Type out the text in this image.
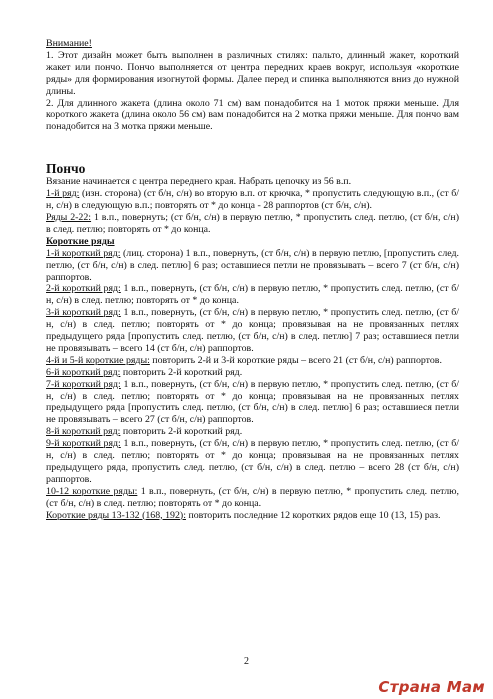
Внимание!

1. Этот дизайн может быть выполнен в различных стилях: пальто, длинный жакет, короткий жакет или пончо. Пончо выполняется от центра передних краев вокруг, используя «короткие ряды» для формирования изогнутой формы. Далее перед и спинка выполняются вниз до нужной длины.

2. Для длинного жакета (длина около 71 см) вам понадобится на 1 моток пряжи меньше. Для короткого жакета (длина около 56 см) вам понадобится на 2 мотка пряжи меньше. Для пончо вам понадобится на 3 мотка пряжи меньше.

Пончо

Вязание начинается с центра переднего края. Набрать цепочку из 56 в.п.

1-й ряд: (изн. сторона) (ст б/н, с/н) во вторую в.п. от крючка, * пропустить следующую в.п., (ст б/н, с/н) в следующую в.п.; повторять от * до конца - 28 раппортов (ст б/н, с/н).

Ряды 2-22: 1 в.п., повернуть; (ст б/н, с/н) в первую петлю, * пропустить след. петлю, (ст б/н, с/н) в след. петлю; повторять от * до конца.

Короткие ряды

1-й короткий ряд: (лиц. сторона) 1 в.п., повернуть, (ст б/н, с/н) в первую петлю, [пропустить след. петлю, (ст б/н, с/н) в след. петлю] 6 раз; оставшиеся петли не провязывать – всего 7 (ст б/н, с/н) раппортов.

2-й короткий ряд: 1 в.п., повернуть, (ст б/н, с/н) в первую петлю, * пропустить след. петлю, (ст б/н, с/н) в след. петлю; повторять от * до конца.

3-й короткий ряд: 1 в.п., повернуть, (ст б/н, с/н) в первую петлю, * пропустить след. петлю, (ст б/н, с/н) в след. петлю; повторять от * до конца; провязывая на не провязанных петлях предыдущего ряда [пропустить след. петлю, (ст б/н, с/н) в след. петлю] 7 раз; оставшиеся петли не провязывать – всего 14 (ст б/н, с/н) раппортов.

4-й и 5-й короткие ряды: повторить 2-й и 3-й короткие ряды – всего 21 (ст б/н, с/н) раппортов.

6-й короткий ряд: повторить 2-й короткий ряд.

7-й короткий ряд: 1 в.п., повернуть, (ст б/н, с/н) в первую петлю, * пропустить след. петлю, (ст б/н, с/н) в след. петлю; повторять от * до конца; провязывая на не провязанных петлях предыдущего ряда [пропустить след. петлю, (ст б/н, с/н) в след. петлю] 6 раз; оставшиеся петли не провязывать – всего 27 (ст б/н, с/н) раппортов.

8-й короткий ряд: повторить 2-й короткий ряд.

9-й короткий ряд: 1 в.п., повернуть, (ст б/н, с/н) в первую петлю, * пропустить след. петлю, (ст б/н, с/н) в след. петлю; повторять от * до конца; провязывая на не провязанных петлях предыдущего ряда, пропустить след. петлю, (ст б/н, с/н) в след. петлю – всего 28 (ст б/н, с/н) раппортов.

10-12 короткие ряды: 1 в.п., повернуть, (ст б/н, с/н) в первую петлю, * пропустить след. петлю, (ст б/н, с/н) в след. петлю; повторять от * до конца.

Короткие ряды 13-132 (168, 192): повторить последние 12 коротких рядов еще 10 (13, 15) раз.

2
Страна Мам
